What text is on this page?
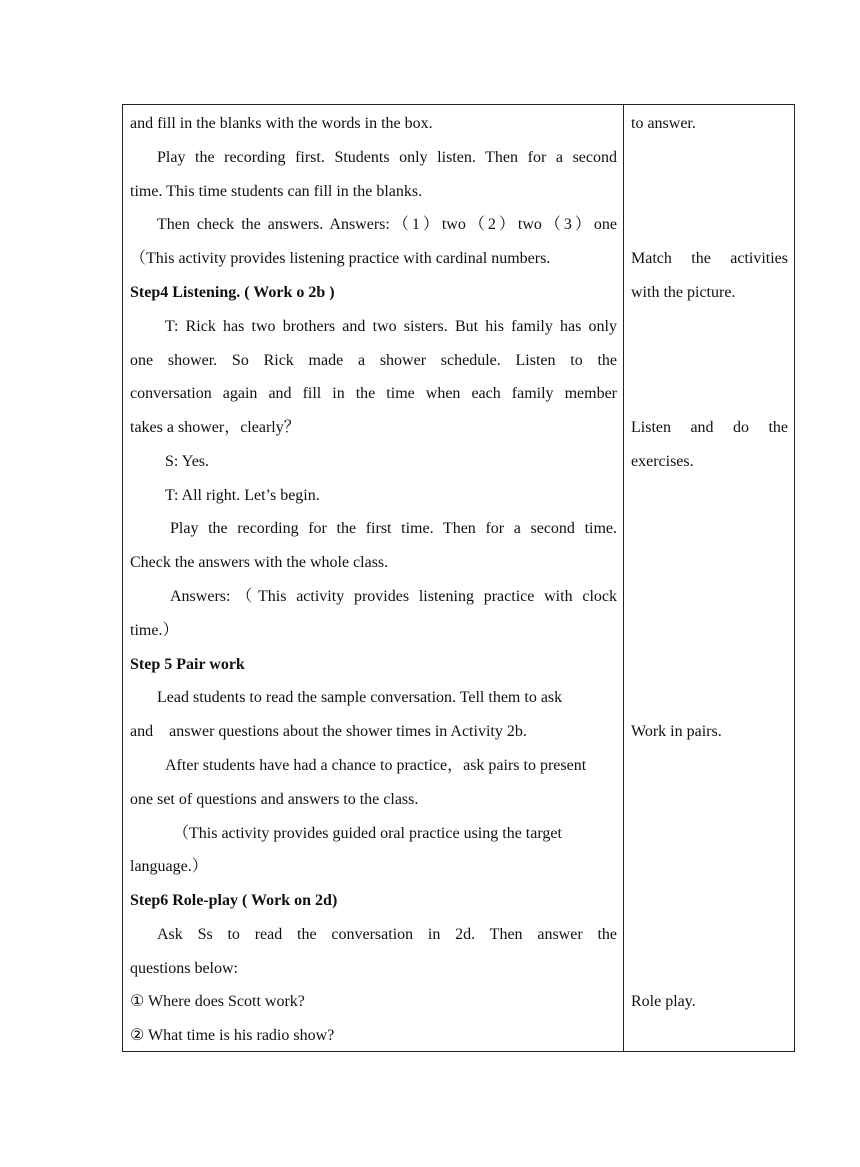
and fill in the blanks with the words in the box.
Play the recording first. Students only listen. Then for a second
time. This time students can fill in the blanks.
Then check the answers. Answers:（1）two（2）two（3）one
（This activity provides listening practice with cardinal numbers.
Step4 Listening. ( Work o 2b )
T: Rick has two brothers and two sisters. But his family has only
one shower. So Rick made a shower schedule. Listen to the
conversation again and fill in the time when each family member
takes a shower，clearly？
S: Yes.
T: All right. Let’s begin.
Play the recording for the first time. Then for a second time.
Check the answers with the whole class.
Answers:（This activity provides listening practice with clock
time.）
Step 5 Pair work
Lead students to read the sample conversation. Tell them to ask
and    answer questions about the shower times in Activity 2b.
After students have had a chance to practice，ask pairs to present
one set of questions and answers to the class.
（This activity provides guided oral practice using the target
language.）
Step6 Role-play ( Work on 2d)
Ask Ss to read the conversation in 2d. Then answer the
questions below:
① Where does Scott work?
② What time is his radio show?
to answer.
Match the activities
with the picture.
Listen and do the
exercises.
Work in pairs.
Role play.
